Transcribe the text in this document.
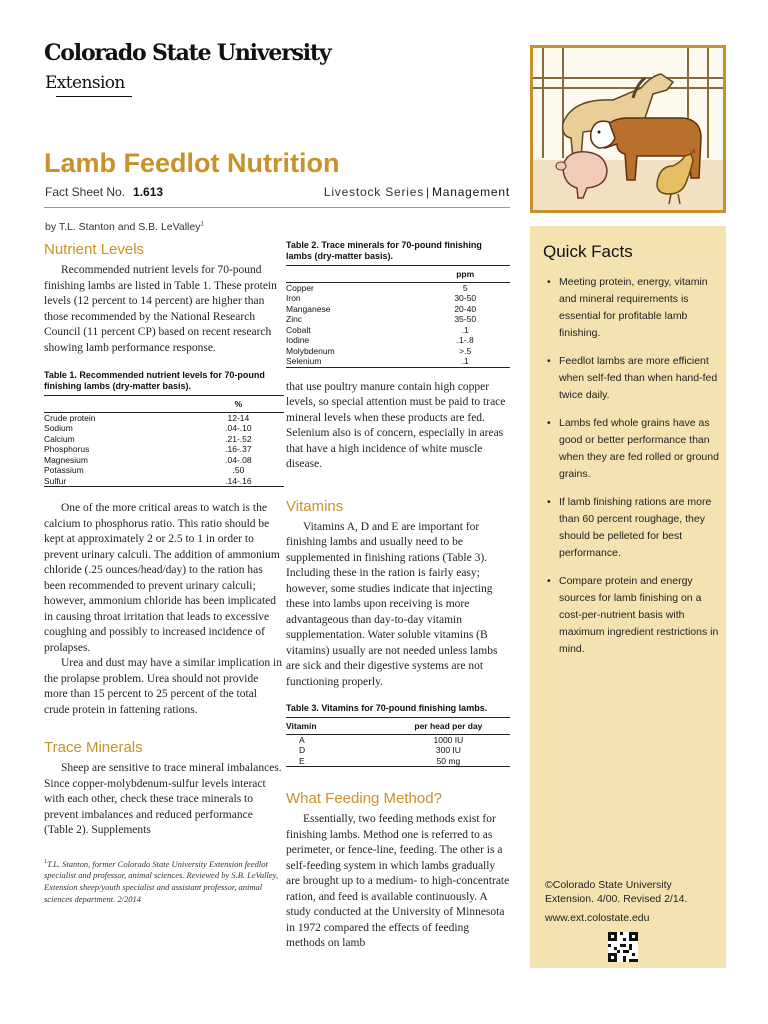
Colorado State University
Extension
Lamb Feedlot Nutrition
Fact Sheet No. 1.613	Livestock Series | Management
by T.L. Stanton and S.B. LeValley$^1$
Nutrient Levels

Recommended nutrient levels for 70-pound finishing lambs are listed in Table 1. These protein levels (12 percent to 14 percent) are higher than those recommended by the National Research Council (11 percent CP) based on recent research showing lamb performance response.

Table 1. Recommended nutrient levels for 70-pound finishing lambs (dry-matter basis).
	%
Crude protein	12-14
Sodium	.04-.10
Calcium	.21-.52
Phosphorus	.16-.37
Magnesium	.04-.08
Potassium	.50
Sulfur	.14-.16

One of the more critical areas to watch is the calcium to phosphorus ratio. This ratio should be kept at approximately 2 or 2.5 to 1 in order to prevent urinary calculi. The addition of ammonium chloride (.25 ounces/head/day) to the ration has been recommended to prevent urinary calculi; however, ammonium chloride has been implicated in causing throat irritation that leads to excessive coughing and possibly to increased incidence of prolapses.

Urea and dust may have a similar implication in the prolapse problem. Urea should not provide more than 15 percent to 25 percent of the total crude protein in fattening rations.

Trace Minerals

Sheep are sensitive to trace mineral imbalances. Since copper-molybdenum-sulfur levels interact with each other, check these trace minerals to prevent imbalances and reduced performance (Table 2). Supplements

$^1$T.L. Stanton, former Colorado State University Extension feedlot specialist and professor, animal sciences. Reviewed by S.B. LeValley, Extension sheep/youth specialist and assistant professor, animal sciences department. 2/2014
Table 2. Trace minerals for 70-pound finishing lambs (dry-matter basis).
	ppm
Copper	5
Iron	30-50
Manganese	20-40
Zinc	35-50
Cobalt	.1
Iodine	.1-.8
Molybdenum	>.5
Selenium	.1

that use poultry manure contain high copper levels, so special attention must be paid to trace mineral levels when these products are fed. Selenium also is of concern, especially in areas that have a high incidence of white muscle disease.

Vitamins

Vitamins A, D and E are important for finishing lambs and usually need to be supplemented in finishing rations (Table 3). Including these in the ration is fairly easy; however, some studies indicate that injecting these into lambs upon receiving is more advantageous than day-to-day vitamin supplementation. Water soluble vitamins (B vitamins) usually are not needed unless lambs are sick and their digestive systems are not functioning properly.

Table 3. Vitamins for 70-pound finishing lambs.
Vitamin	per head per day
A	1000 IU
D	300 IU
E	50 mg
What Feeding Method?

Essentially, two feeding methods exist for finishing lambs. Method one is referred to as perimeter, or fence-line, feeding. The other is a self-feeding system in which lambs gradually are brought up to a medium- to high-concentrate ration, and feed is available continuously. A study conducted at the University of Minnesota in 1972 compared the effects of feeding methods on lamb

Quick Facts
• Meeting protein, energy, vitamin and mineral requirements is essential for profitable lamb finishing.
• Feedlot lambs are more efficient when self-fed than when hand-fed twice daily.
• Lambs fed whole grains have as good or better performance than when they are fed rolled or ground grains.
• If lamb finishing rations are more than 60 percent roughage, they should be pelleted for best performance.
• Compare protein and energy sources for lamb finishing on a cost-per-nutrient basis with maximum ingredient restrictions in mind.
©Colorado State University Extension. 4/00. Revised 2/14.
www.ext.colostate.edu
